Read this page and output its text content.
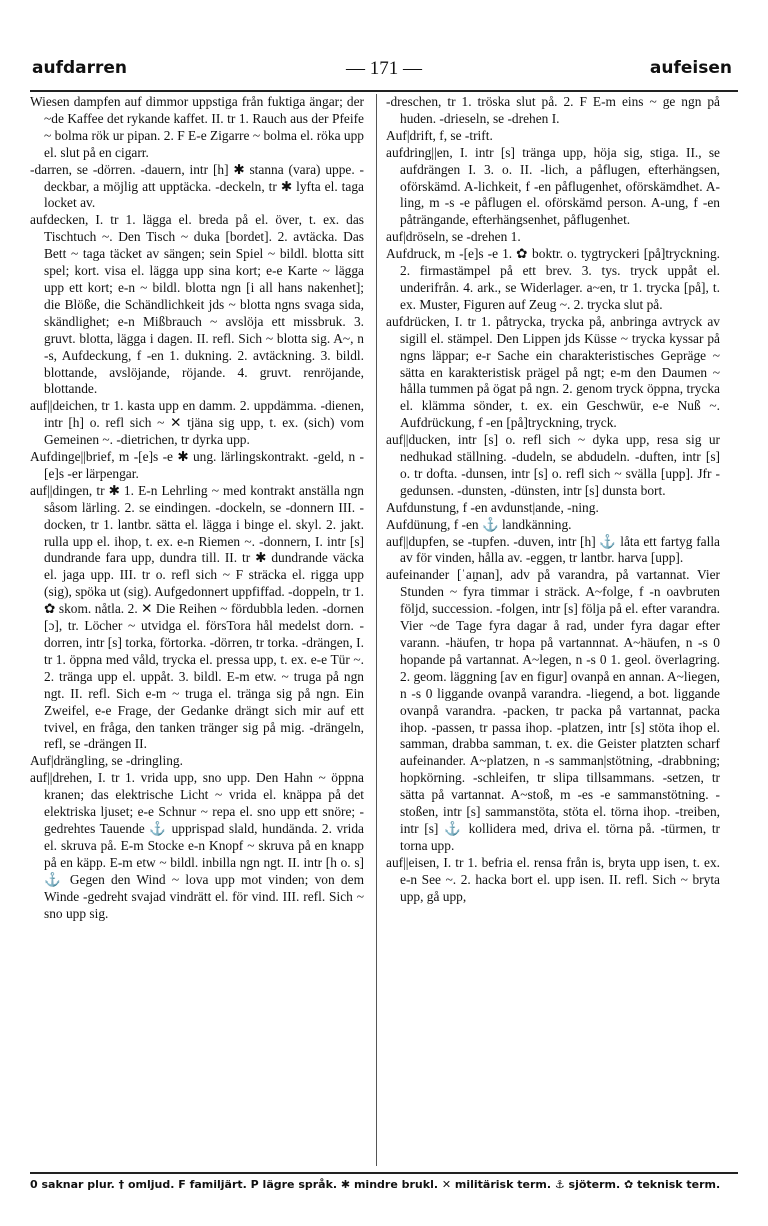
aufdarren	— 171 —	aufeisen

Wiesen dampfen auf dimmor uppstiga från fuktiga ängar; der ~de Kaffee det rykande kaffet. II. tr 1. Rauch aus der Pfeife ~ bolma rök ur pipan. 2. F E-e Zigarre ~ bolma el. röka upp el. slut på en cigarr.

-darren, se -dörren. -dauern, intr [h] ✱ stanna (vara) uppe. -deckbar, a möjlig att upptäcka. -deckeln, tr ✱ lyfta el. taga locket av.

aufdecken, I. tr 1. lägga el. breda på el. över, t. ex. das Tischtuch ~. Den Tisch ~ duka [bordet]. 2. avtäcka. Das Bett ~ taga täcket av sängen; sein Spiel ~ bildl. blotta sitt spel; kort. visa el. lägga upp sina kort; e-e Karte ~ lägga upp ett kort; e-n ~ bildl. blotta ngn [i all hans nakenhet]; die Blöße, die Schändlichkeit jds ~ blotta ngns svaga sida, skändlighet; e-n Mißbrauch ~ avslöja ett missbruk. 3. gruvt. blotta, lägga i dagen. II. refl. Sich ~ blotta sig. A~, n -s, Aufdeckung, f -en 1. dukning. 2. avtäckning. 3. bildl. blottande, avslöjande, röjande. 4. gruvt. renröjande, blottande.

auf||deichen, tr 1. kasta upp en damm. 2. uppdämma. -dienen, intr [h] o. refl sich ~ ✕ tjäna sig upp, t. ex. (sich) vom Gemeinen ~. -dietrichen, tr dyrka upp.

Aufdinge||brief, m -[e]s -e ✱ ung. lärlingskontrakt. -geld, n -[e]s -er lärpengar.

auf||dingen, tr ✱ 1. E-n Lehrling ~ med kontrakt anställa ngn såsom lärling. 2. se eindingen. -dockeln, se -donnern III. -docken, tr 1. lantbr. sätta el. lägga i binge el. skyl. 2. jakt. rulla upp el. ihop, t. ex. e-n Riemen ~. -donnern, I. intr [s] dundrande fara upp, dundra till. II. tr ✱ dundrande väcka el. jaga upp. III. tr o. refl sich ~ F sträcka el. rigga upp (sig), spöka ut (sig). Aufgedonnert uppfiffad. -doppeln, tr 1. ✿ skom. nåtla. 2. ✕ Die Reihen ~ fördubbla leden. -dornen [ɔ], tr. Löcher ~ utvidga el. försTora hål medelst dorn. -dorren, intr [s] torka, förtorka. -dörren, tr torka. -drängen, I. tr 1. öppna med våld, trycka el. pressa upp, t. ex. e-e Tür ~. 2. tränga upp el. uppåt. 3. bildl. E-m etw. ~ truga på ngn ngt. II. refl. Sich e-m ~ truga el. tränga sig på ngn. Ein Zweifel, e-e Frage, der Gedanke drängt sich mir auf ett tvivel, en fråga, den tanken tränger sig på mig. -drängeln, refl, se -drängen II.

Auf|drängling, se -dringling.

auf||drehen, I. tr 1. vrida upp, sno upp. Den Hahn ~ öppna kranen; das elektrische Licht ~ vrida el. knäppa på det elektriska ljuset; e-e Schnur ~ repa el. sno upp ett snöre; -gedrehtes Tauende ⚓ upprispad slald, hundända. 2. vrida el. skruva på. E-m Stocke e-n Knopf ~ skruva på en knapp på en käpp. E-m etw ~ bildl. inbilla ngn ngt. II. intr [h o. s] ⚓ Gegen den Wind ~ lova upp mot vinden; von dem Winde -gedreht svajad vindrätt el. för vind. III. refl. Sich ~ sno upp sig.

-dreschen, tr 1. tröska slut på. 2. F E-m eins ~ ge ngn på huden. -drieseln, se -drehen I.

Auf|drift, f, se -trift.

aufdring||en, I. intr [s] tränga upp, höja sig, stiga. II., se aufdrängen I. 3. o. II. -lich, a påflugen, efterhängsen, oförskämd. A-lichkeit, f -en påflugenhet, oförskämdhet. A-ling, m -s -e påflugen el. oförskämd person. A-ung, f -en påträngande, efterhängsenhet, påflugenhet.

auf|dröseln, se -drehen 1.

Aufdruck, m -[e]s -e 1. ✿ boktr. o. tygtryckeri [på]tryckning. 2. firmastämpel på ett brev. 3. tys. tryck uppåt el. underifrån. 4. ark., se Widerlager. a~en, tr 1. trycka [på], t. ex. Muster, Figuren auf Zeug ~. 2. trycka slut på.

aufdrücken, I. tr 1. påtrycka, trycka på, anbringa avtryck av sigill el. stämpel. Den Lippen jds Küsse ~ trycka kyssar på ngns läppar; e-r Sache ein charakteristisches Gepräge ~ sätta en karakteristisk prägel på ngt; e-m den Daumen ~ hålla tummen på ögat på ngn. 2. genom tryck öppna, trycka el. klämma sönder, t. ex. ein Geschwür, e-e Nuß ~. Aufdrückung, f -en [på]tryckning, tryck.

auf||ducken, intr [s] o. refl sich ~ dyka upp, resa sig ur nedhukad ställning. -dudeln, se abdudeln. -duften, intr [s] o. tr dofta. -dunsen, intr [s] o. refl sich ~ svälla [upp]. Jfr -gedunsen. -dunsten, -dünsten, intr [s] dunsta bort.

Aufdunstung, f -en avdunst|ande, -ning.

Aufdünung, f -en ⚓ landkänning.

auf||dupfen, se -tupfen. -duven, intr [h] ⚓ låta ett fartyg falla av för vinden, hålla av. -eggen, tr lantbr. harva [upp].

aufeinander [ˈaɪ̯nan], adv på varandra, på vartannat. Vier Stunden ~ fyra timmar i sträck. A~folge, f -n oavbruten följd, succession. -folgen, intr [s] följa på el. efter varandra. Vier ~de Tage fyra dagar å rad, under fyra dagar efter varann. -häufen, tr hopa på vartannnat. A~häufen, n -s 0 hopande på vartannat. A~legen, n -s 0 1. geol. överlagring. 2. geom. läggning [av en figur] ovanpå en annan. A~liegen, n -s 0 liggande ovanpå varandra. -liegend, a bot. liggande ovanpå varandra. -packen, tr packa på vartannat, packa ihop. -passen, tr passa ihop. -platzen, intr [s] stöta ihop el. samman, drabba samman, t. ex. die Geister platzten scharf aufeinander. A~platzen, n -s samman|stötning, -drabbning; hopkörning. -schleifen, tr slipa tillsammans. -setzen, tr sätta på vartannat. A~stoß, m -es -e sammanstötning. -stoßen, intr [s] sammanstöta, stöta el. törna ihop. -treiben, intr [s] ⚓ kollidera med, driva el. törna på. -türmen, tr torna upp.

auf||eisen, I. tr 1. befria el. rensa från is, bryta upp isen, t. ex. e-n See ~. 2. hacka bort el. upp isen. II. refl. Sich ~ bryta upp, gå upp,

0 saknar plur. † omljud. F familjärt. P lägre språk. ✱ mindre brukl. ✕ militärisk term. ⚓ sjöterm. ✿ teknisk term.
